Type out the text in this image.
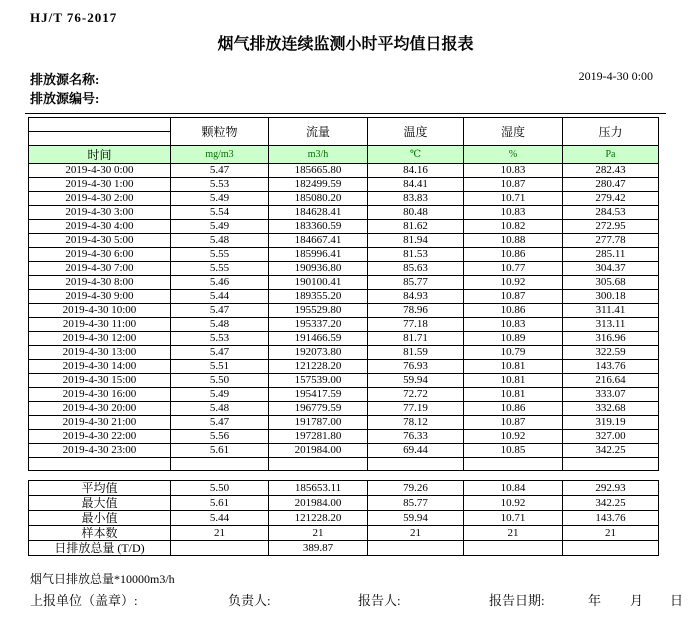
HJ/T 76-2017
烟气排放连续监测小时平均值日报表
排放源名称:
排放源编号:
2019-4-30 0:00
	颗粒物	流量	温度	湿度	压力

时间	mg/m3	m3/h	℃	%	Pa
2019-4-30 0:00	5.47	185665.80	84.16	10.83	282.43
2019-4-30 1:00	5.53	182499.59	84.41	10.87	280.47
2019-4-30 2:00	5.49	185080.20	83.83	10.71	279.42
2019-4-30 3:00	5.54	184628.41	80.48	10.83	284.53
2019-4-30 4:00	5.49	183360.59	81.62	10.82	272.95
2019-4-30 5:00	5.48	184667.41	81.94	10.88	277.78
2019-4-30 6:00	5.55	185996.41	81.53	10.86	285.11
2019-4-30 7:00	5.55	190936.80	85.63	10.77	304.37
2019-4-30 8:00	5.46	190100.41	85.77	10.92	305.68
2019-4-30 9:00	5.44	189355.20	84.93	10.87	300.18
2019-4-30 10:00	5.47	195529.80	78.96	10.86	311.41
2019-4-30 11:00	5.48	195337.20	77.18	10.83	313.11
2019-4-30 12:00	5.53	191466.59	81.71	10.89	316.96
2019-4-30 13:00	5.47	192073.80	81.59	10.79	322.59
2019-4-30 14:00	5.51	121228.20	76.93	10.81	143.76
2019-4-30 15:00	5.50	157539.00	59.94	10.81	216.64
2019-4-30 16:00	5.49	195417.59	72.72	10.81	333.07
2019-4-30 20:00	5.48	196779.59	77.19	10.86	332.68
2019-4-30 21:00	5.47	191787.00	78.12	10.87	319.19
2019-4-30 22:00	5.56	197281.80	76.33	10.92	327.00
2019-4-30 23:00	5.61	201984.00	69.44	10.85	342.25

平均值	5.50	185653.11	79.26	10.84	292.93
最大值	5.61	201984.00	85.77	10.92	342.25
最小值	5.44	121228.20	59.94	10.71	143.76
样本数	21	21	21	21	21
日排放总量 (T/D)		389.87			
烟气日排放总量*10000m3/h
上报单位（盖章）:	负责人:	报告人:	报告日期:	年 月 日
